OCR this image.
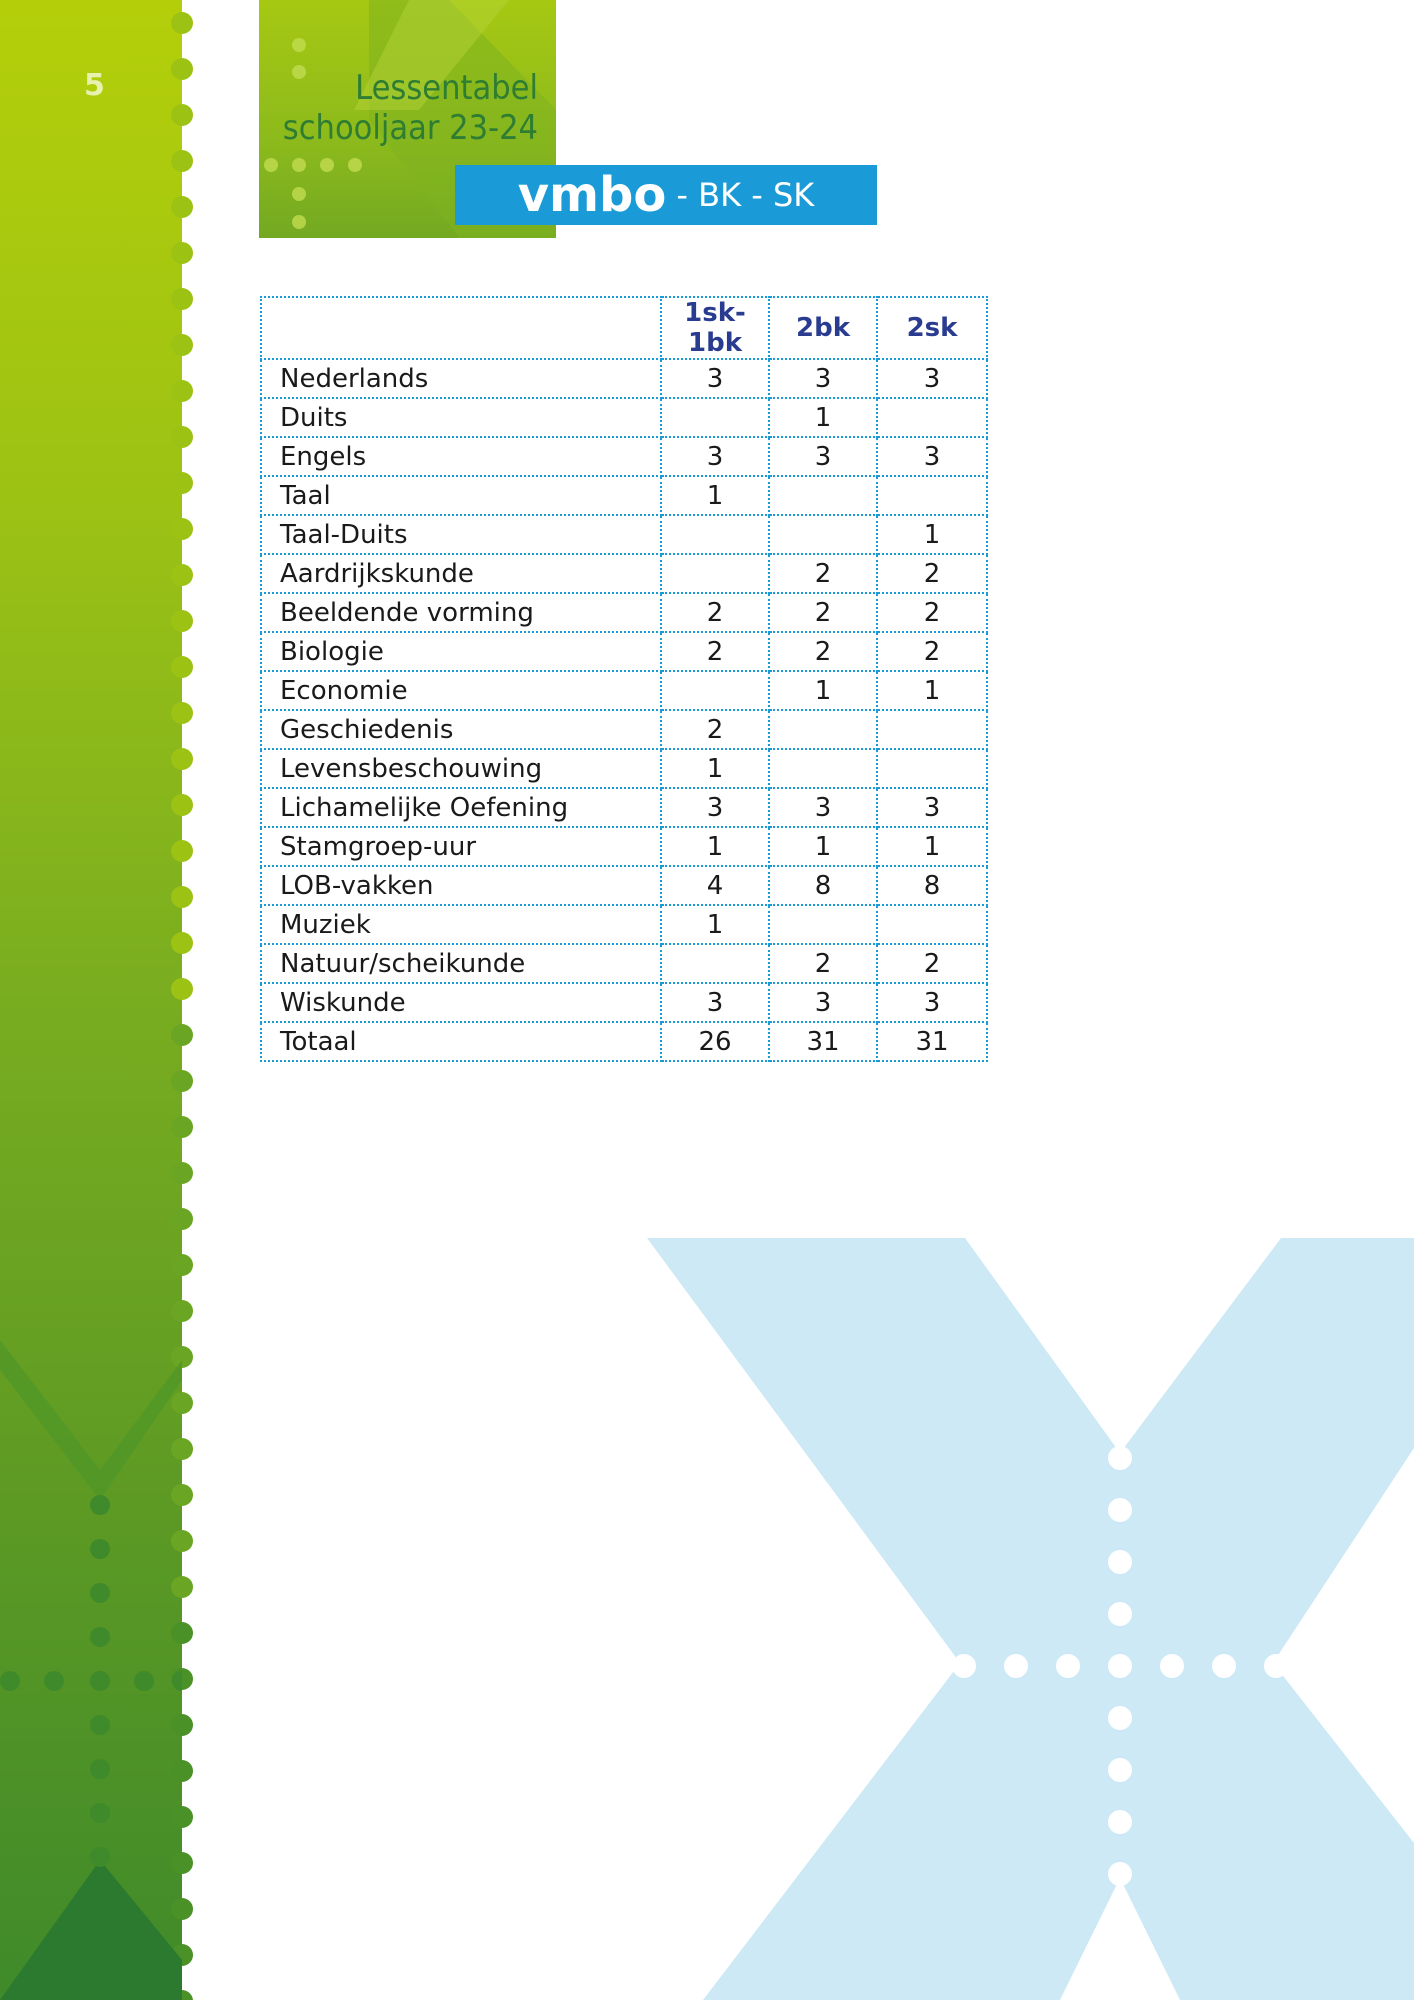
5	Lessentabel
schooljaar 23-24
vmbo - BK - SK
	1sk-1bk	2bk	2sk
Nederlands	3	3	3
Duits		1	
Engels	3	3	3
Taal	1		
Taal-Duits			1
Aardrijkskunde		2	2
Beeldende vorming	2	2	2
Biologie	2	2	2
Economie		1	1
Geschiedenis	2		
Levensbeschouwing	1		
Lichamelijke Oefening	3	3	3
Stamgroep-uur	1	1	1
LOB-vakken	4	8	8
Muziek	1		
Natuur/scheikunde		2	2
Wiskunde	3	3	3
Totaal	26	31	31
